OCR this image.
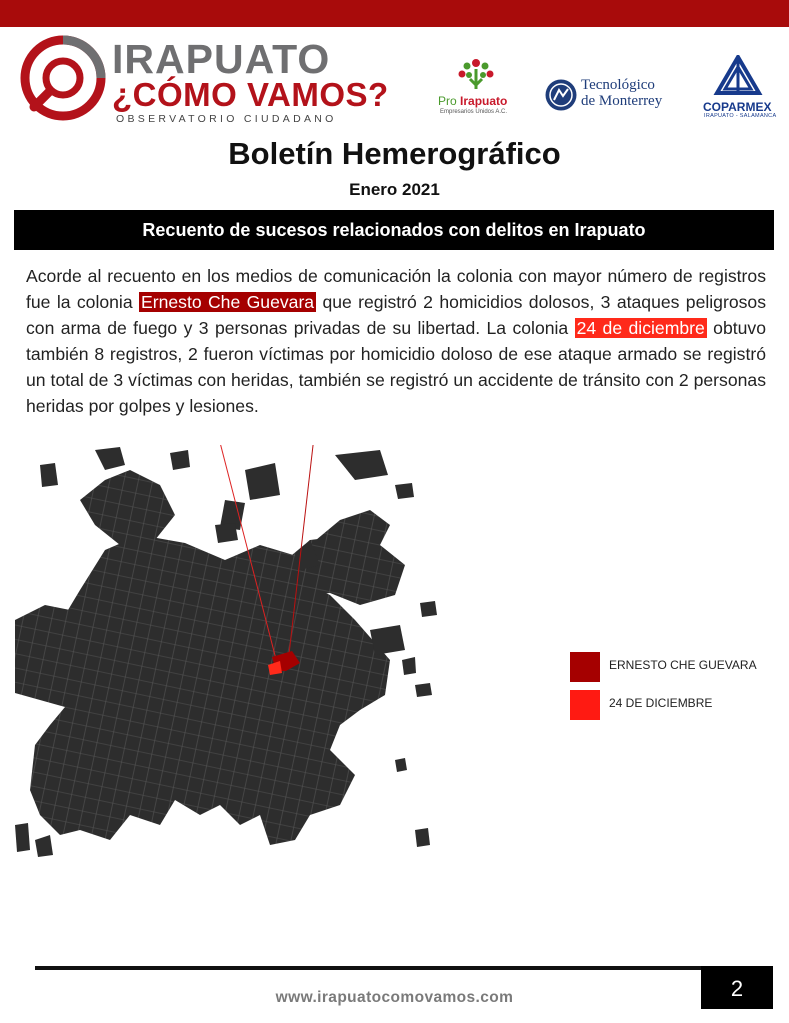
IRAPUATO
¿CÓMO VAMOS?
OBSERVATORIO CIUDADANO
Pro Irapuato
Empresarios Unidos A.C.
Tecnológico
de Monterrey	COPARMEX
IRAPUATO - SALAMANCA
Boletín Hemerográfico
Enero 2021
Recuento de sucesos relacionados con delitos en Irapuato

Acorde al recuento en los medios de comunicación la colonia con mayor número de registros fue la colonia Ernesto Che Guevara que registró 2 homicidios dolosos, 3 ataques peligrosos con arma de fuego y 3 personas privadas de su libertad. La colonia 24 de diciembre obtuvo también 8 registros, 2 fueron víctimas por homicidio doloso de ese ataque armado se registró un total de 3 víctimas con heridas, también se registró un accidente de tránsito con 2 personas heridas por golpes y lesiones.

ERNESTO CHE GUEVARA
24 DE DICIEMBRE
2
www.irapuatocomovamos.com
